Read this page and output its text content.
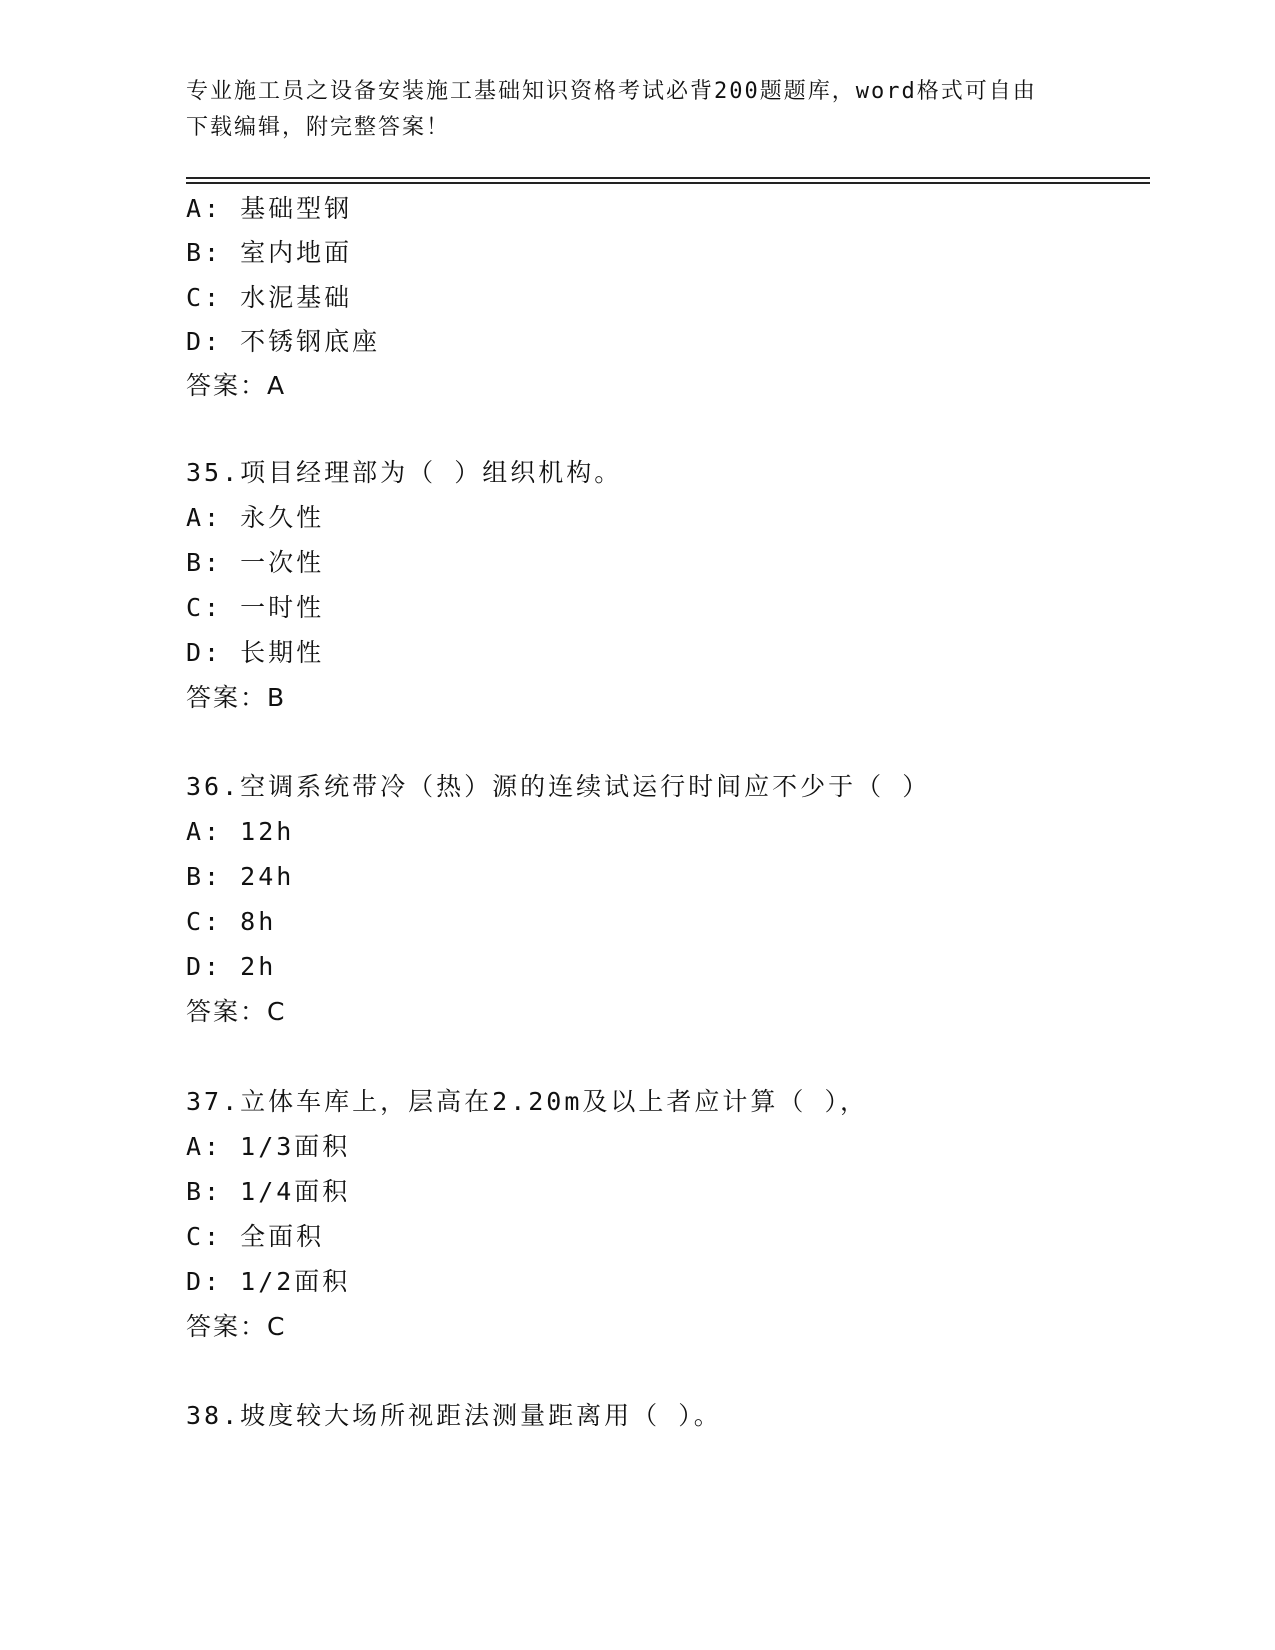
专业施工员之设备安装施工基础知识资格考试必背200题题库，word格式可自由
下载编辑，附完整答案！
A: 基础型钢
B: 室内地面
C: 水泥基础
D: 不锈钢底座
答案：A
35.项目经理部为（ ）组织机构。
A: 永久性
B: 一次性
C: 一时性
D: 长期性
答案：B
36.空调系统带冷（热）源的连续试运行时间应不少于（ ）
A: 12h
B: 24h
C: 8h
D: 2h
答案：C
37.立体车库上，层高在2.20m及以上者应计算（ ），
A: 1/3面积
B: 1/4面积
C: 全面积
D: 1/2面积
答案：C
38.坡度较大场所视距法测量距离用（ ）。
